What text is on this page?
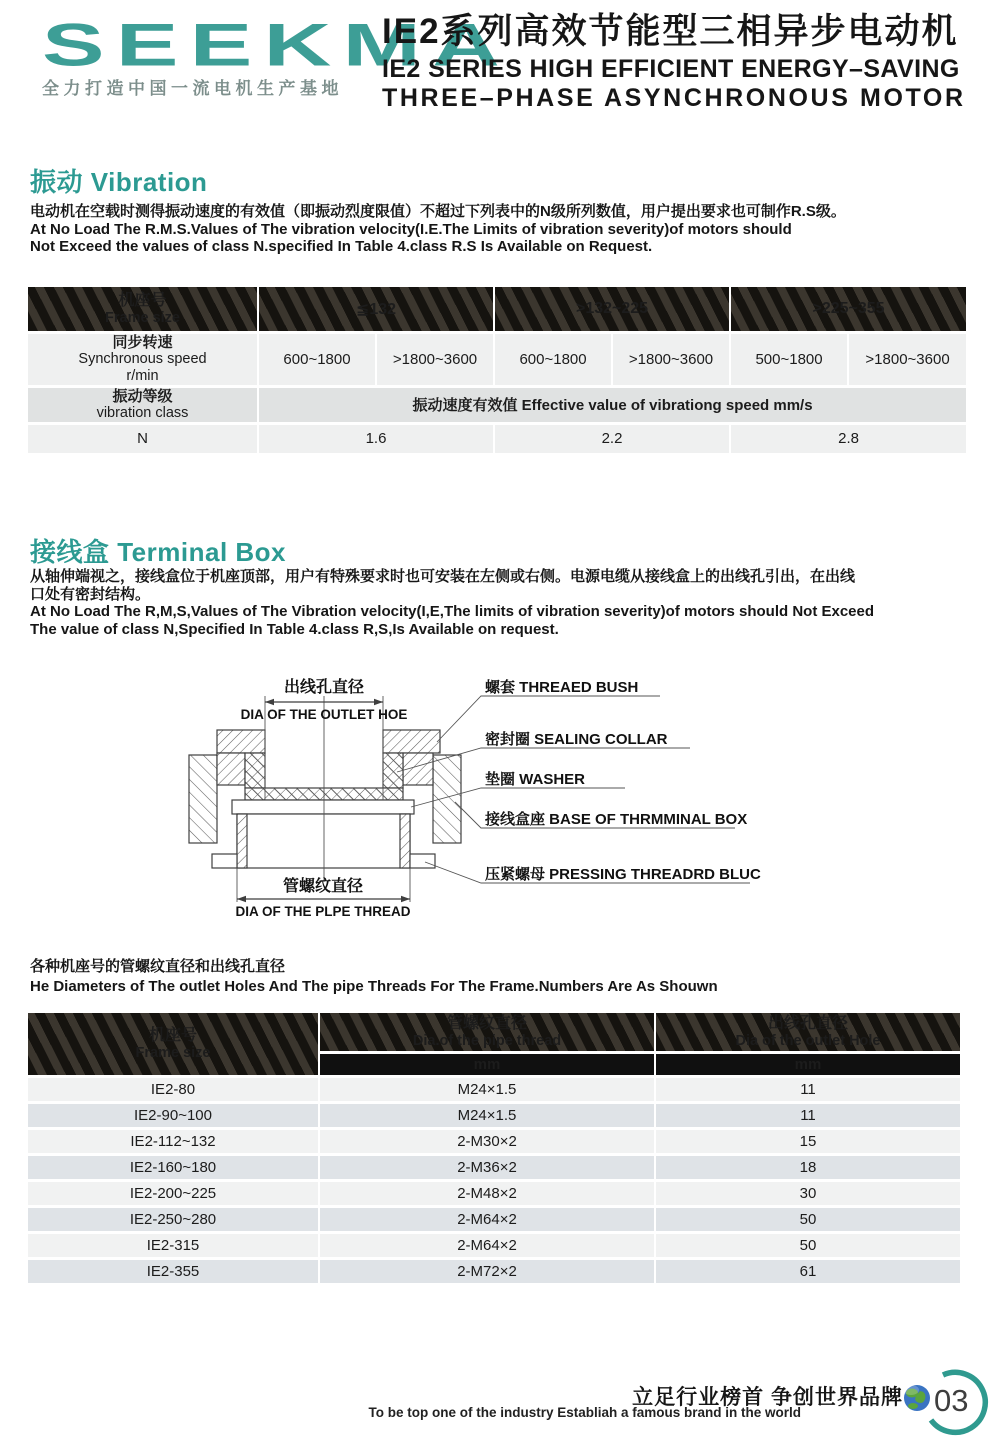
SEEKMA
全力打造中国一流电机生产基地
IE2系列高效节能型三相异步电动机
IE2 SERIES HIGH EFFICIENT ENERGY–SAVING
THREE–PHASE ASYNCHRONOUS MOTOR
振动 Vibration
电动机在空载时测得振动速度的有效值（即振动烈度限值）不超过下列表中的N级所列数值，用户提出要求也可制作R.S级。
At No Load The R.M.S.Values of The vibration velocity(I.E.The Limits of vibration severity)of motors should
Not Exceed the values of class N.specified In Table 4.class R.S Is Available on Request.
机座号
Frame size	≦132		>132~225		>225~355	

同步转速
Synchronous speed
r/min	600~1800	>1800~3600	600~1800	>1800~3600	500~1800	>1800~3600

振动等级
vibration class	振动速度有效值 Effective value of vibrationg speed mm/s					
N	1.6		2.2		2.8	
接线盒 Terminal Box
从轴伸端视之，接线盒位于机座顶部，用户有特殊要求时也可安装在左侧或右侧。电源电缆从接线盒上的出线孔引出，在出线
口处有密封结构。
At No Load The R,M,S,Values of The Vibration velocity(I,E,The limits of vibration severity)of motors should Not Exceed
The value of class N,Specified In Table 4.class R,S,Is Available on request.
出线孔直径
DIA OF THE OUTLET HOE
管螺纹直径
DIA OF THE PLPE THREAD
螺套 THREAED BUSH
密封圈 SEALING COLLAR
垫圈 WASHER
接线盒座 BASE OF THRMMINAL BOX
压紧螺母 PRESSING THREADRD BLUC
各种机座号的管螺纹直径和出线孔直径
He Diameters of The outlet Holes And The pipe Threads For The Frame.Numbers Are As Shouwn
机座号
Frame size

管螺纹直径
Dia.of the pipe thread

出线孔直径
Dia of the outlet Hole

	mm	mm
IE2-80	M24×1.5	11
IE2-90~100	M24×1.5	11
IE2-112~132	2-M30×2	15
IE2-160~180	2-M36×2	18
IE2-200~225	2-M48×2	30
IE2-250~280	2-M64×2	50
IE2-315	2-M64×2	50
IE2-355	2-M72×2	61
立足行业榜首 争创世界品牌
To be top one of the industry Establiah a famous brand in the world	03
